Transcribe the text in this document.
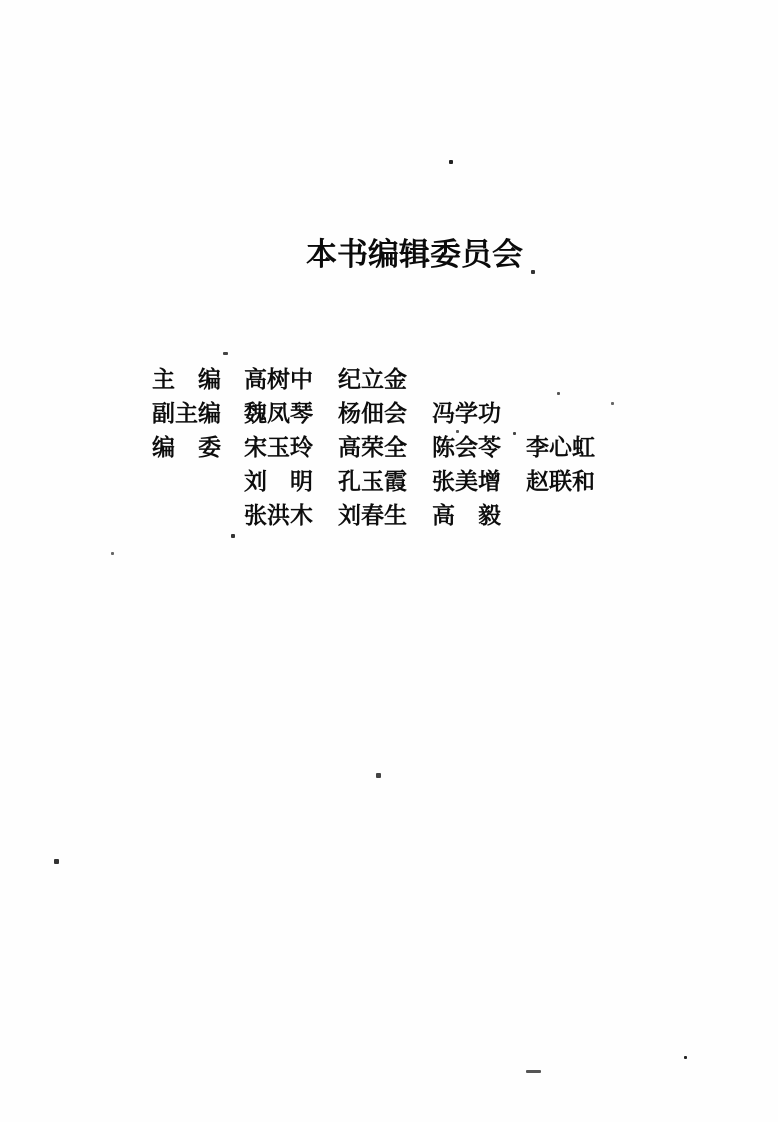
本书编辑委员会
主　编 高树中 纪立金
副主编 魏凤琴 杨佃会 冯学功
编　委 宋玉玲 高荣全 陈会苓 李心虹
刘　明 孔玉霞 张美增 赵联和
张洪木 刘春生 高　毅
